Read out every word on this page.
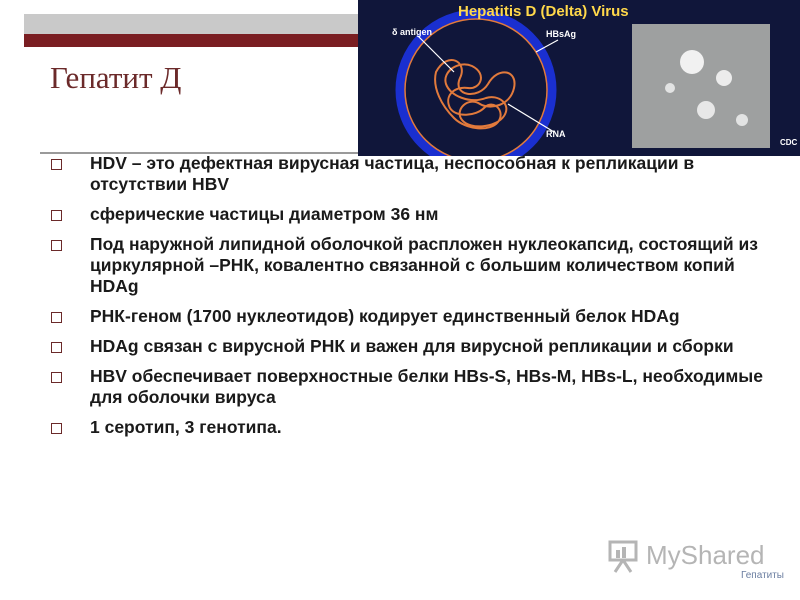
Гепатит Д
Hepatitis D (Delta) Virus
δ antigen	HBsAg
RNA
CDC
HDV – это дефектная вирусная частица, неспособная к репликации в отсутствии HBV
сферические частицы диаметром 36 нм
Под наружной липидной оболочкой распложен нуклеокапсид, состоящий из циркулярной –РНК, ковалентно связанной с большим количеством копий HDAg
РНК-геном (1700 нуклеотидов) кодирует единственный белок HDAg
HDAg связан с вирусной РНК и важен для вирусной репликации и сборки
HBV обеспечивает поверхностные белки HBs-S, HBs-M, HBs-L, необходимые для оболочки вируса
1 серотип, 3 генотипа.
MyShared
Гепатиты
